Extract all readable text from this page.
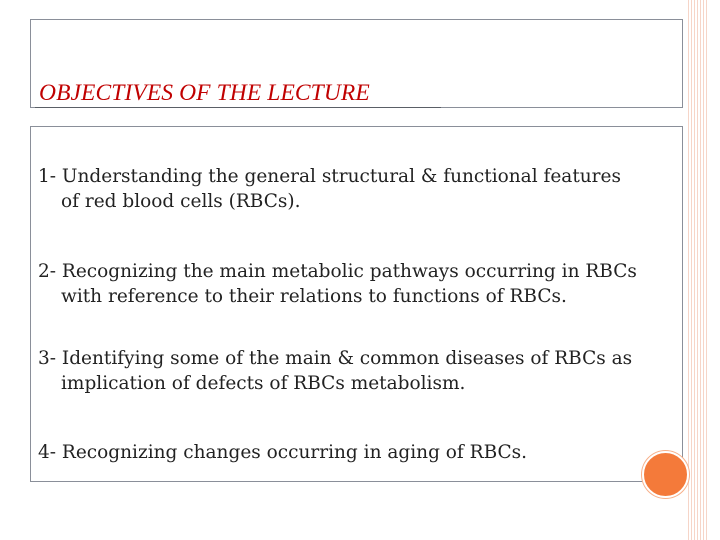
OBJECTIVES OF THE LECTURE

1- Understanding the general structural & functional features
of red blood cells (RBCs).

2- Recognizing the main metabolic pathways occurring in RBCs
with reference to their relations to functions of RBCs.

3- Identifying some of the main & common diseases of RBCs as
implication of defects of RBCs metabolism.

4- Recognizing changes occurring in aging of RBCs.
